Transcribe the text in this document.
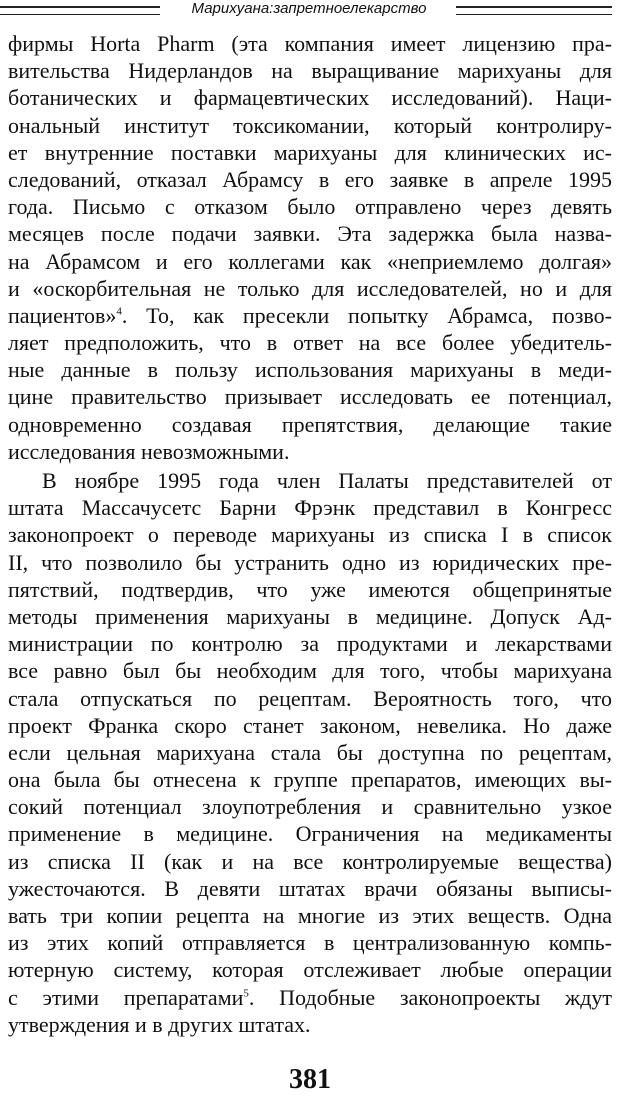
Марихуана:запретноелекарство
фирмы Horta Pharm (эта компания имеет лицензию пра-
вительства Нидерландов на выращивание марихуаны для
ботанических и фармацевтических исследований). Наци-
ональный институт токсикомании, который контролиру-
ет внутренние поставки марихуаны для клинических ис-
следований, отказал Абрамсу в его заявке в апреле 1995
года. Письмо с отказом было отправлено через девять
месяцев после подачи заявки. Эта задержка была назва-
на Абрамсом и его коллегами как «неприемлемо долгая»
и «оскорбительная не только для исследователей, но и для
пациентов»$^4$. То, как пресекли попытку Абрамса, позво-
ляет предположить, что в ответ на все более убедитель-
ные данные в пользу использования марихуаны в меди-
цине правительство призывает исследовать ее потенциал,
одновременно создавая препятствия, делающие такие
исследования невозможными.
В ноябре 1995 года член Палаты представителей от
штата Массачусетс Барни Фрэнк представил в Конгресс
законопроект о переводе марихуаны из списка I в список
II, что позволило бы устранить одно из юридических пре-
пятствий, подтвердив, что уже имеются общепринятые
методы применения марихуаны в медицине. Допуск Ад-
министрации по контролю за продуктами и лекарствами
все равно был бы необходим для того, чтобы марихуана
стала отпускаться по рецептам. Вероятность того, что
проект Франка скоро станет законом, невелика. Но даже
если цельная марихуана стала бы доступна по рецептам,
она была бы отнесена к группе препаратов, имеющих вы-
сокий потенциал злоупотребления и сравнительно узкое
применение в медицине. Ограничения на медикаменты
из списка II (как и на все контролируемые вещества)
ужесточаются. В девяти штатах врачи обязаны выписы-
вать три копии рецепта на многие из этих веществ. Одна
из этих копий отправляется в централизованную компь-
ютерную систему, которая отслеживает любые операции
с этими препаратами$^5$. Подобные законопроекты ждут
утверждения и в других штатах.
381
